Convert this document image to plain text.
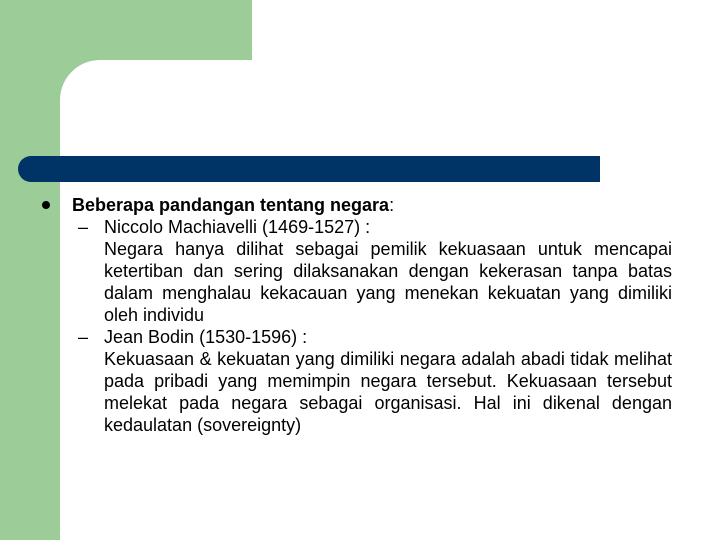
Beberapa pandangan tentang negara:
– Niccolo Machiavelli (1469-1527) :
Negara hanya dilihat sebagai pemilik kekuasaan untuk mencapai ketertiban dan sering dilaksanakan dengan kekerasan tanpa batas dalam menghalau kekacauan yang menekan kekuatan yang dimiliki oleh individu
– Jean Bodin (1530-1596) :
Kekuasaan & kekuatan yang dimiliki negara adalah abadi tidak melihat pada pribadi yang memimpin negara tersebut. Kekuasaan tersebut melekat pada negara sebagai organisasi. Hal ini dikenal dengan kedaulatan (sovereignty)
